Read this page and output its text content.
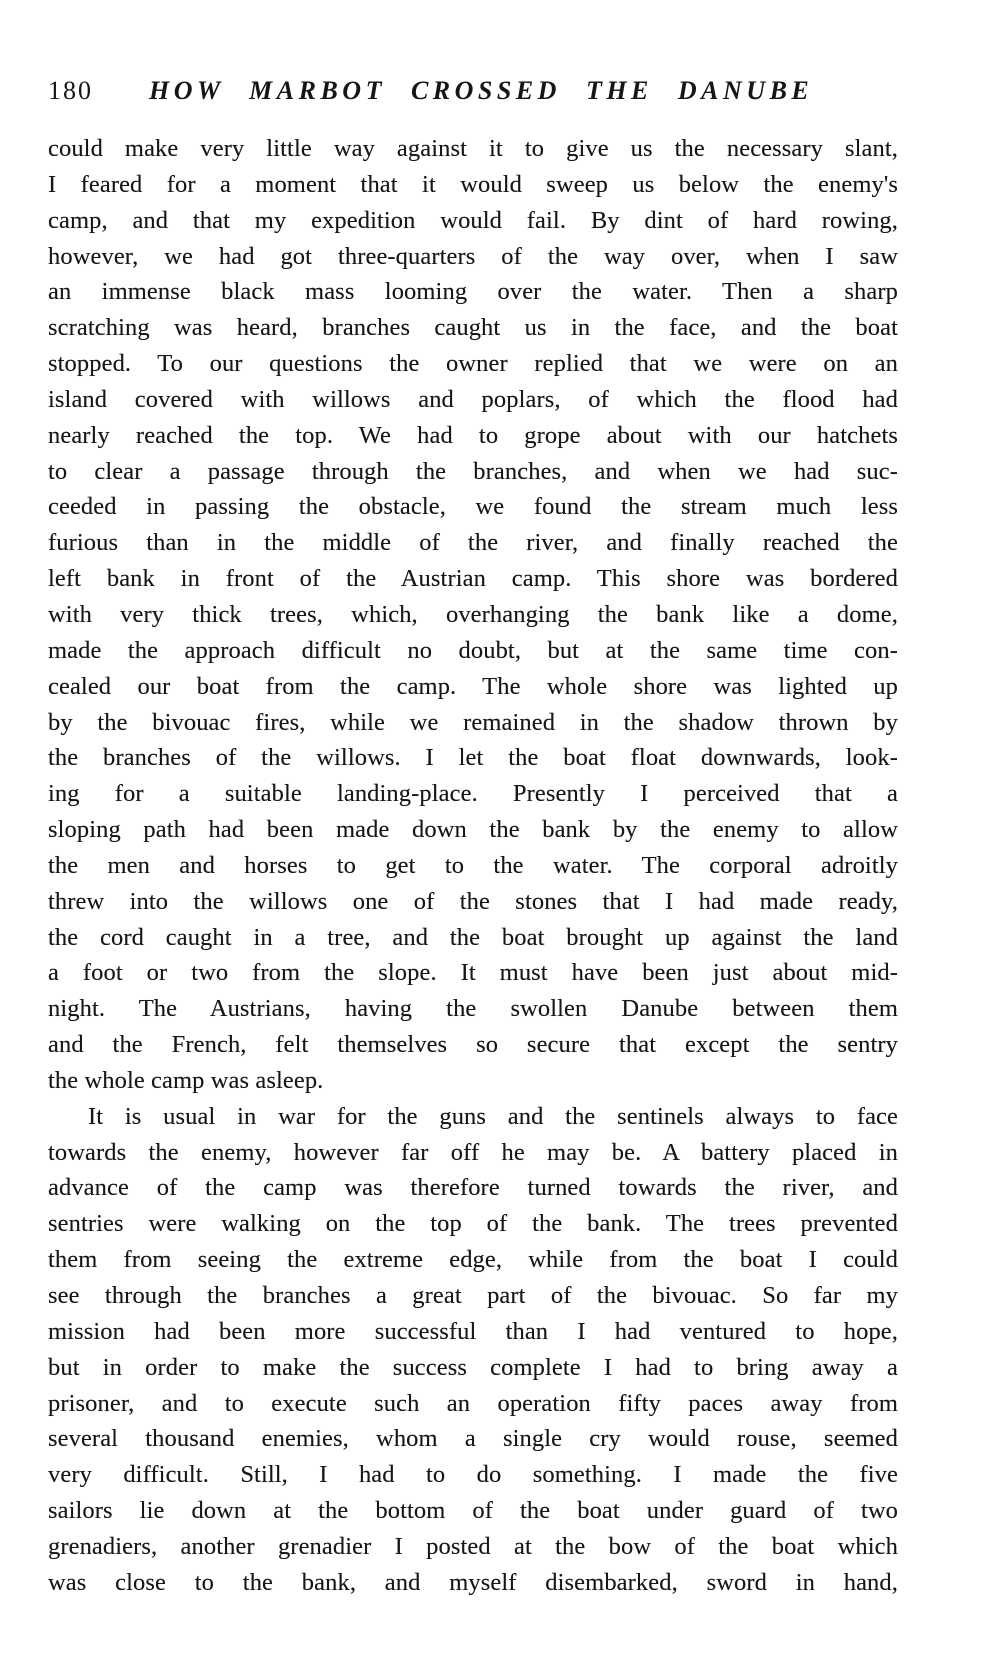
180 HOW MARBOT CROSSED THE DANUBE
could make very little way against it to give us the necessary slant,
I feared for a moment that it would sweep us below the enemy's
camp, and that my expedition would fail. By dint of hard rowing,
however, we had got three-quarters of the way over, when I saw
an immense black mass looming over the water. Then a sharp
scratching was heard, branches caught us in the face, and the boat
stopped. To our questions the owner replied that we were on an
island covered with willows and poplars, of which the flood had
nearly reached the top. We had to grope about with our hatchets
to clear a passage through the branches, and when we had suc-
ceeded in passing the obstacle, we found the stream much less
furious than in the middle of the river, and finally reached the
left bank in front of the Austrian camp. This shore was bordered
with very thick trees, which, overhanging the bank like a dome,
made the approach difficult no doubt, but at the same time con-
cealed our boat from the camp. The whole shore was lighted up
by the bivouac fires, while we remained in the shadow thrown by
the branches of the willows. I let the boat float downwards, look-
ing for a suitable landing-place. Presently I perceived that a
sloping path had been made down the bank by the enemy to allow
the men and horses to get to the water. The corporal adroitly
threw into the willows one of the stones that I had made ready,
the cord caught in a tree, and the boat brought up against the land
a foot or two from the slope. It must have been just about mid-
night. The Austrians, having the swollen Danube between them
and the French, felt themselves so secure that except the sentry
the whole camp was asleep.
It is usual in war for the guns and the sentinels always to face
towards the enemy, however far off he may be. A battery placed in
advance of the camp was therefore turned towards the river, and
sentries were walking on the top of the bank. The trees prevented
them from seeing the extreme edge, while from the boat I could
see through the branches a great part of the bivouac. So far my
mission had been more successful than I had ventured to hope,
but in order to make the success complete I had to bring away a
prisoner, and to execute such an operation fifty paces away from
several thousand enemies, whom a single cry would rouse, seemed
very difficult. Still, I had to do something. I made the five
sailors lie down at the bottom of the boat under guard of two
grenadiers, another grenadier I posted at the bow of the boat which
was close to the bank, and myself disembarked, sword in hand,
